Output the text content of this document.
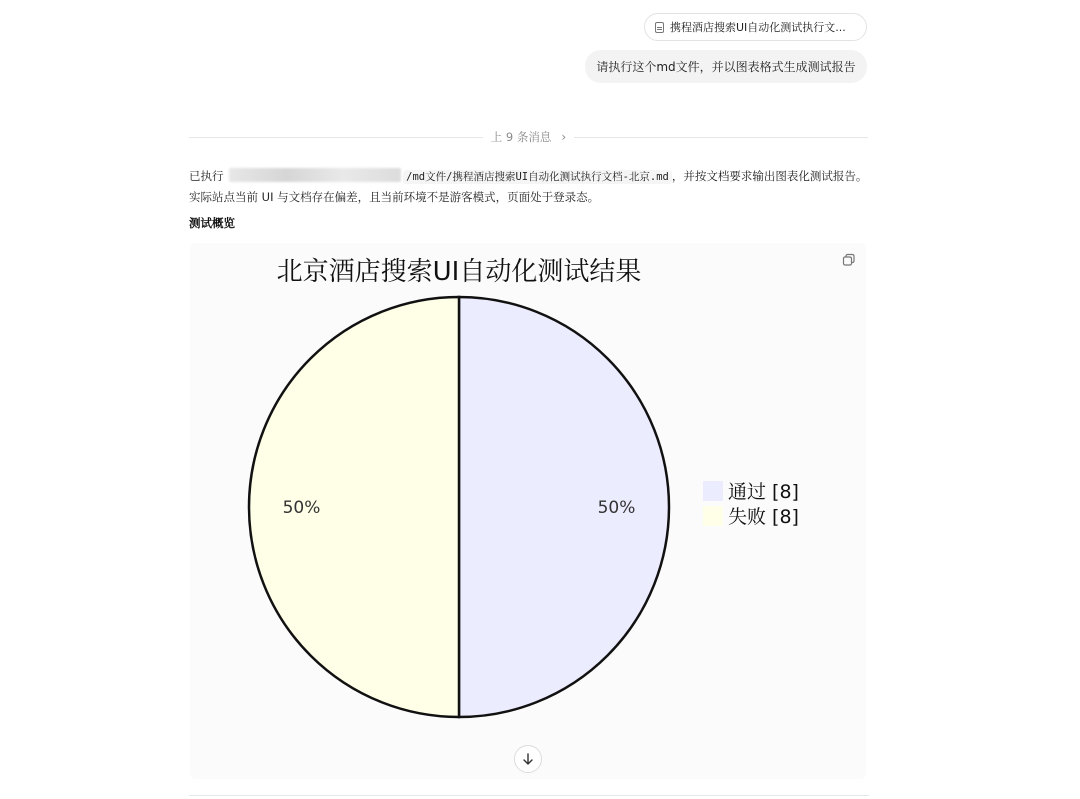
携程酒店搜索UI自动化测试执行文...
请执行这个md文件，并以图表格式生成测试报告
上 9 条消息 ›
已执行	/md文件/携程酒店搜索UI自动化测试执行文档-北京.md ，并按文档要求输出图表化测试报告。实际站点当前 UI 与文档存在偏差，且当前环境不是游客模式，页面处于登录态。
测试概览
北京酒店搜索UI自动化测试结果
50%
50%
通过 [8]
失败 [8]
